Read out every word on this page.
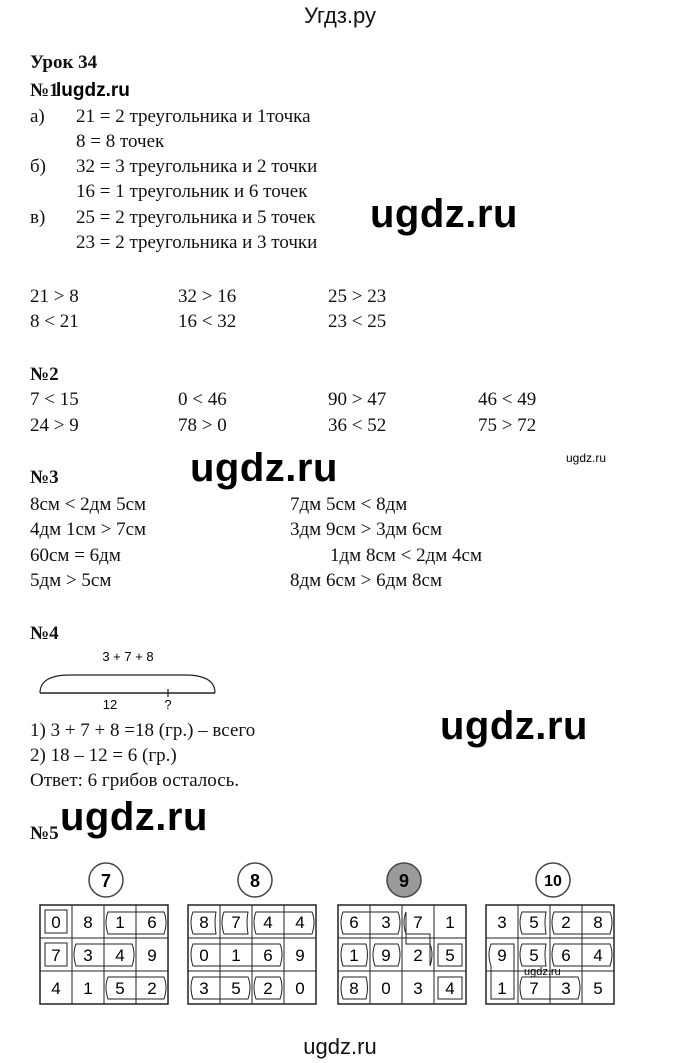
Угдз.ру
Урок 34
№1
lugdz.ru
а) 21 = 2 треугольника и 1точка
8 = 8 точек
б) 32 = 3 треугольника и 2 точки
16 = 1 треугольник и 6 точек
в) 25 = 2 треугольника и 5 точек
23 = 2 треугольника и 3 точки
ugdz.ru
21 > 8	32 > 16	25 > 23
8 < 21	16 < 32	23 < 25
№2
7 < 15	0 < 46	90 > 47	46 < 49
24 > 9	78 > 0	36 < 52	75 > 72
ugdz.ru
№3	ugdz.ru
8см < 2дм 5см	7дм 5см < 8дм
4дм 1см > 7см	3дм 9см > 3дм 6см
60см = 6дм	1дм 8см < 2дм 4см
5дм > 5см	8дм 6см > 6дм 8см
№4
3 + 7 + 8
12	?
1) 3 + 7 + 8 =18 (гр.) – всего
2) 18 – 12 = 6 (гр.)
Ответ: 6 грибов осталось.
ugdz.ru
ugdz.ru
№5
7
0 8 1 6
7 3 4 9
4 1 5 2
8
8 7 4 4
0 1 6 9
3 5 2 0
9
6 3 7 1
1 9 2 5
8 0 3 4
10
3 5 2 8
9 5 6 4
1 7 3 5
ugdz.ru
ugdz.ru
